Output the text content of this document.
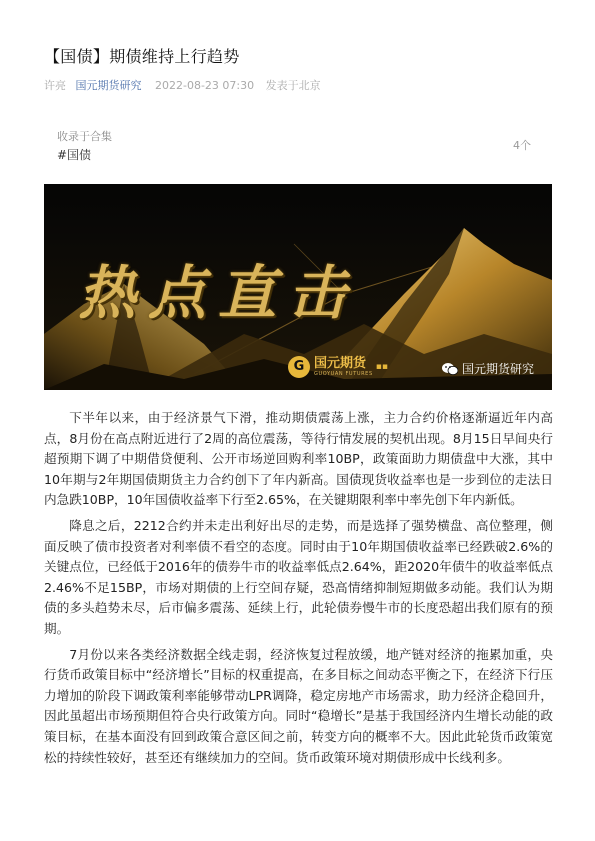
【国债】期债维持上行趋势
许亮 国元期货研究 2022-08-23 07:30 发表于北京
收录于合集
#国债
4个
热点直击
G 国元期货
GUOYUAN FUTURES
▪▪	国元期货研究

下半年以来，由于经济景气下滑，推动期债震荡上涨，主力合约价格逐渐逼近年内高点，8月份在高点附近进行了2周的高位震荡，等待行情发展的契机出现。8月15日早间央行超预期下调了中期借贷便利、公开市场逆回购利率10BP，政策面助力期债盘中大涨，其中10年期与2年期国债期货主力合约创下了年内新高。国债现货收益率也是一步到位的走法日内急跌10BP，10年国债收益率下行至2.65%，在关键期限利率中率先创下年内新低。

降息之后，2212合约并未走出利好出尽的走势，而是选择了强势横盘、高位整理，侧面反映了债市投资者对利率债不看空的态度。同时由于10年期国债收益率已经跌破2.6%的关键点位，已经低于2016年的债券牛市的收益率低点2.64%，距2020年债牛的收益率低点2.46%不足15BP，市场对期债的上行空间存疑，恐高情绪抑制短期做多动能。我们认为期债的多头趋势未尽，后市偏多震荡、延续上行，此轮债券慢牛市的长度恐超出我们原有的预期。

7月份以来各类经济数据全线走弱，经济恢复过程放缓，地产链对经济的拖累加重，央行货币政策目标中“经济增长”目标的权重提高，在多目标之间动态平衡之下，在经济下行压力增加的阶段下调政策利率能够带动LPR调降，稳定房地产市场需求，助力经济企稳回升，因此虽超出市场预期但符合央行政策方向。同时“稳增长”是基于我国经济内生增长动能的政策目标，在基本面没有回到政策合意区间之前，转变方向的概率不大。因此此轮货币政策宽松的持续性较好，甚至还有继续加力的空间。货币政策环境对期债形成中长线利多。
